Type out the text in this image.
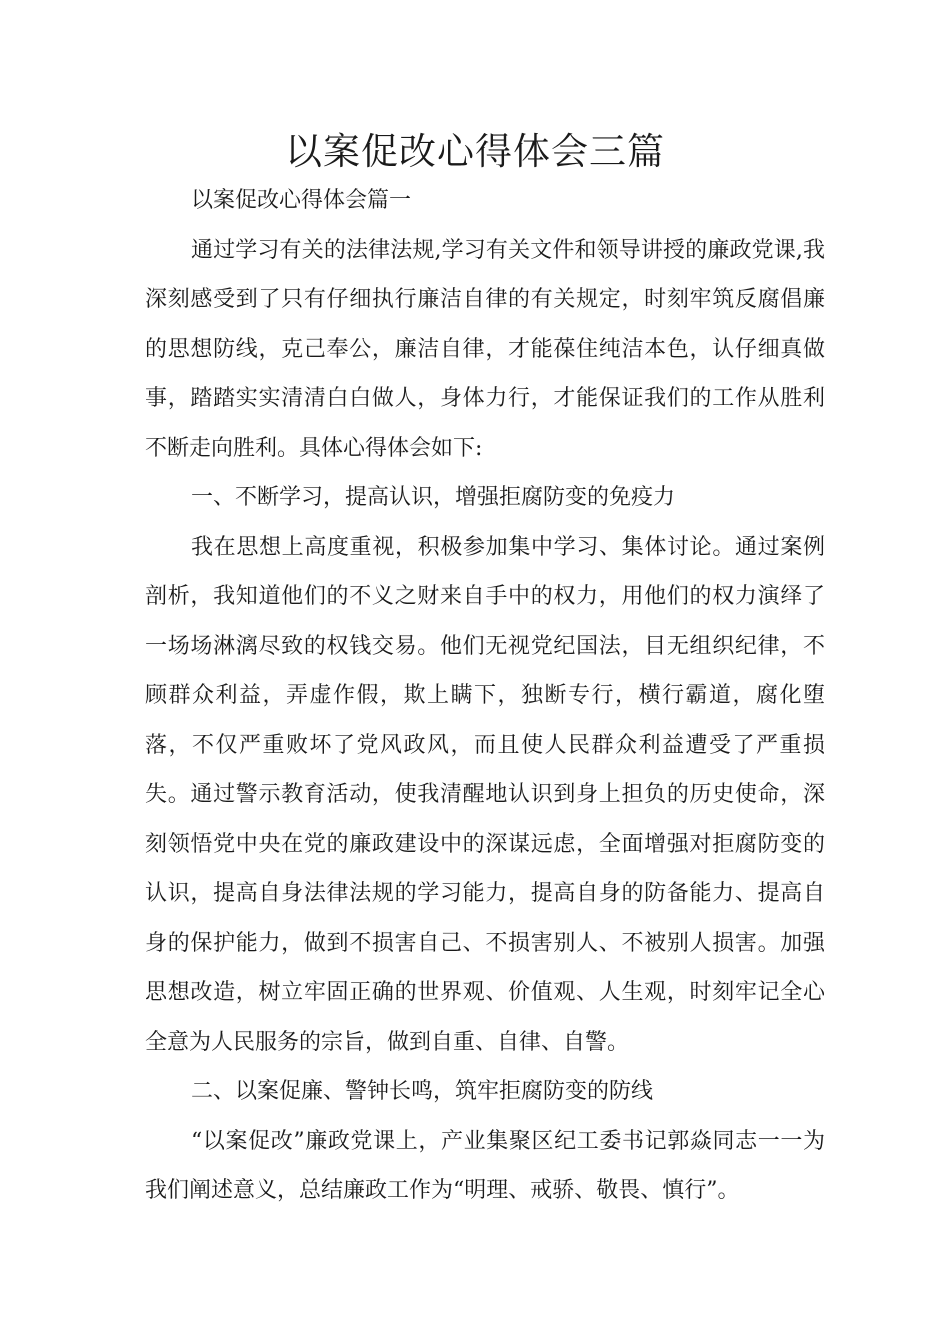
以案促改心得体会三篇

以案促改心得体会篇一

通过学习有关的法律法规,学习有关文件和领导讲授的廉政党课,我深刻感受到了只有仔细执行廉洁自律的有关规定，时刻牢筑反腐倡廉的思想防线，克己奉公，廉洁自律，才能葆住纯洁本色，认仔细真做事，踏踏实实清清白白做人，身体力行，才能保证我们的工作从胜利不断走向胜利。具体心得体会如下:

一、不断学习，提高认识，增强拒腐防变的免疫力

我在思想上高度重视，积极参加集中学习、集体讨论。通过案例剖析，我知道他们的不义之财来自手中的权力，用他们的权力演绎了一场场淋漓尽致的权钱交易。他们无视党纪国法，目无组织纪律，不顾群众利益，弄虚作假，欺上瞒下，独断专行，横行霸道，腐化堕落，不仅严重败坏了党风政风，而且使人民群众利益遭受了严重损失。通过警示教育活动，使我清醒地认识到身上担负的历史使命，深刻领悟党中央在党的廉政建设中的深谋远虑，全面增强对拒腐防变的认识，提高自身法律法规的学习能力，提高自身的防备能力、提高自身的保护能力，做到不损害自己、不损害别人、不被别人损害。加强思想改造，树立牢固正确的世界观、价值观、人生观，时刻牢记全心全意为人民服务的宗旨，做到自重、自律、自警。

二、以案促廉、警钟长鸣，筑牢拒腐防变的防线

“以案促改”廉政党课上，产业集聚区纪工委书记郭焱同志一一为我们阐述意义，总结廉政工作为“明理、戒骄、敬畏、慎行”。
